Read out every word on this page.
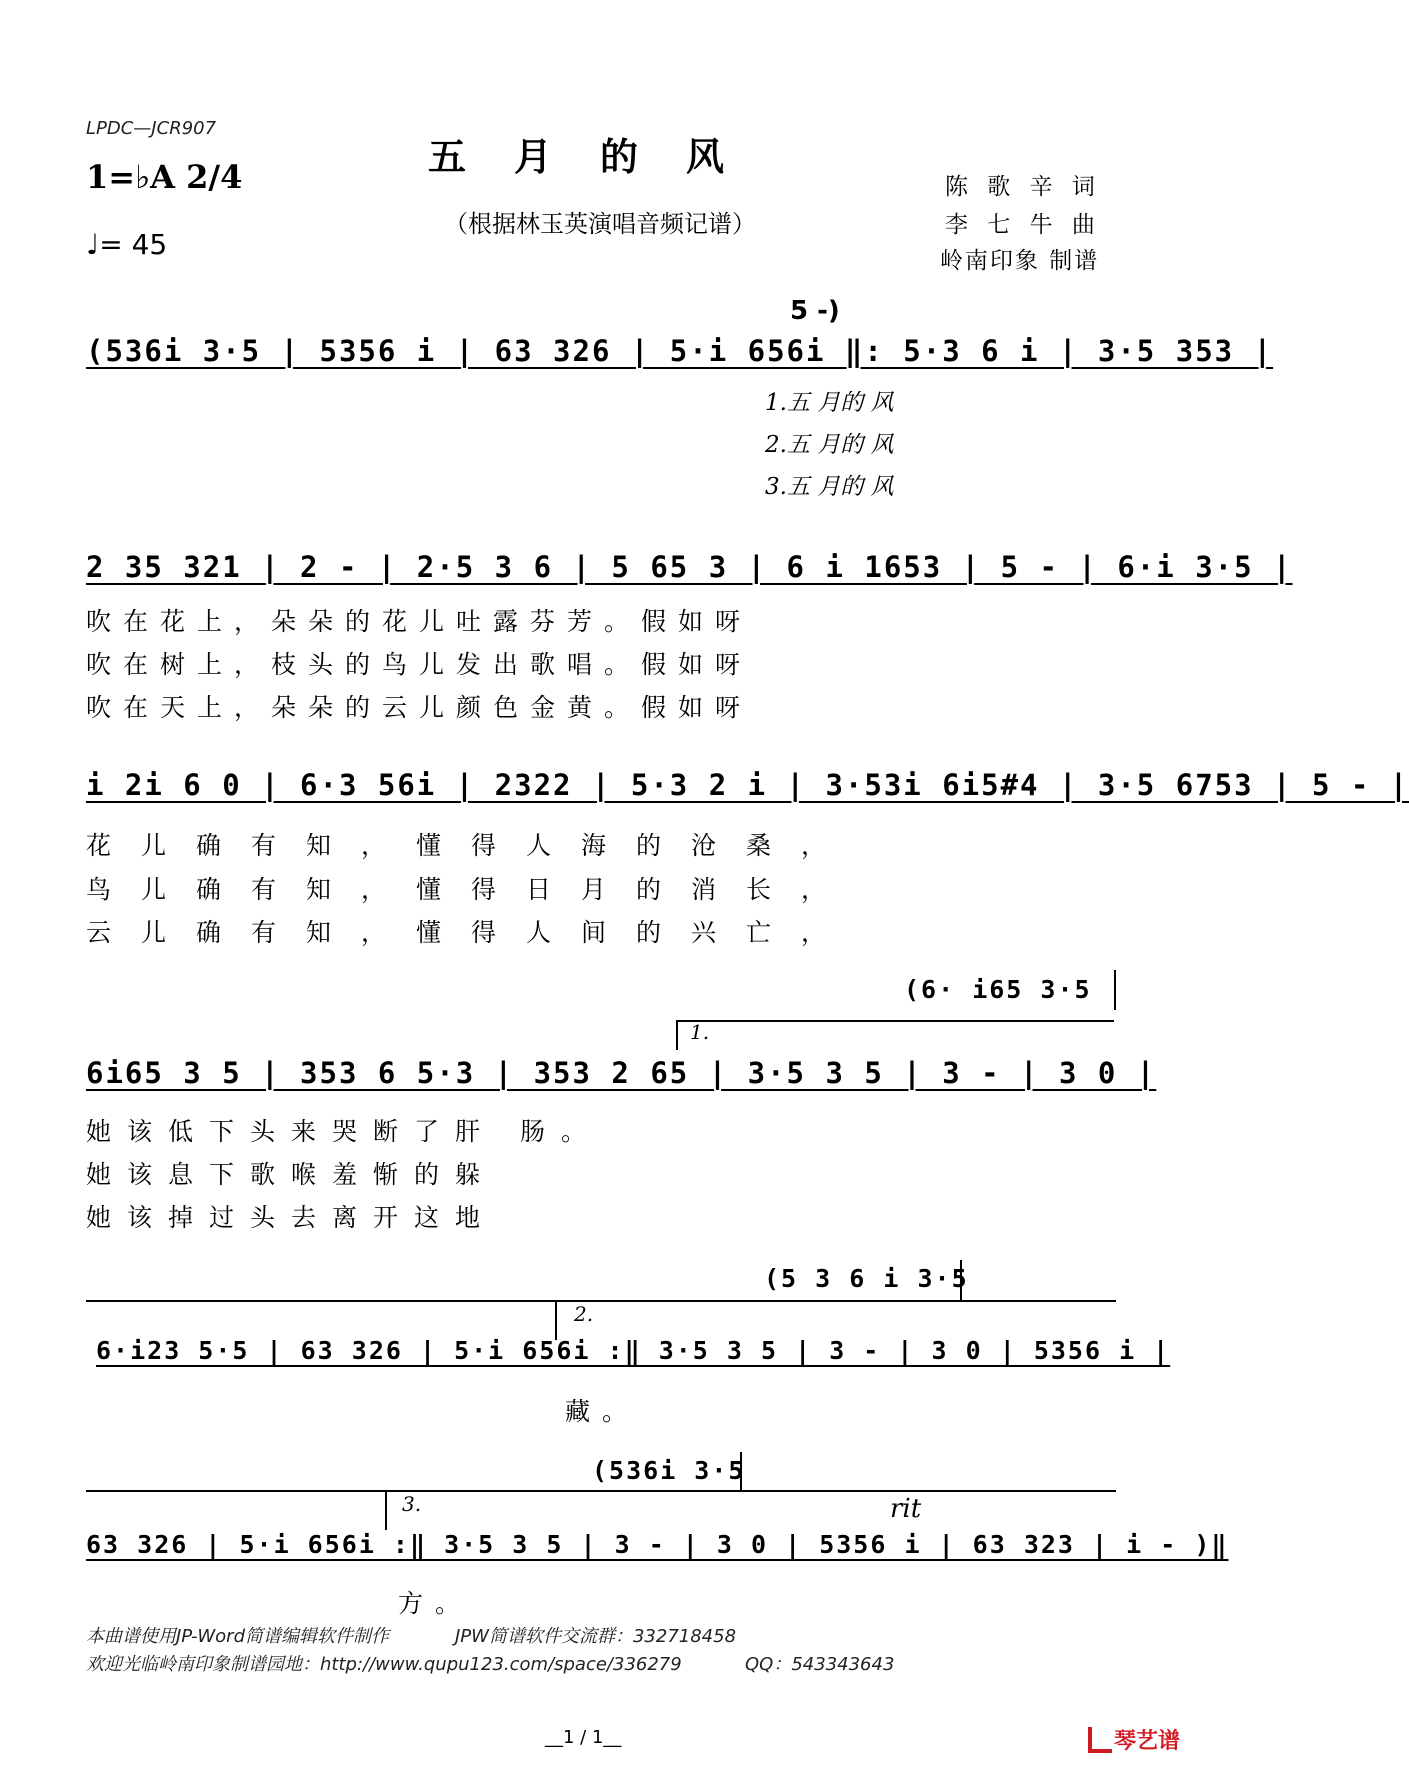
LPDC—JCR907
五月的风
（根据林玉英演唱音频记谱）
1=♭A 2/4
♩= 45
陈 歌 辛 词
李 七 牛 曲
岭南印象 制谱
5 -)
(536i 3·5 | 5356 i | 63 326 | 5·i 656i ‖: 5·3 6 i | 3·5 353 |
1.五 月的 风
2.五 月的 风
3.五 月的 风
2 35 321 | 2 - | 2·5 3 6 | 5 65 3 | 6 i 1653 | 5 - | 6·i 3·5 |
吹在花上，朵朵的花儿吐露芬芳。假如呀
吹在树上，枝头的鸟儿发出歌唱。假如呀
吹在天上，朵朵的云儿颜色金黄。假如呀
i 2i 6 0 | 6·3 56i | 2322 | 5·3 2 i | 3·53i 6i5#4 | 3·5 6753 | 5 - |
花儿确有知，懂得人海的沧桑，
鸟儿确有知，懂得日月的消长，
云儿确有知，懂得人间的兴亡，
(6· i65 3·5
1.
6i65 3 5 | 353 6 5·3 | 353 2 65 | 3·5 3 5 | 3 - | 3 0 |
她该低下头来哭断了肝 肠。
她该息下歌喉羞惭的躲
她该掉过头去离开这地
(5 3 6 i 3·5
2.
6·i23 5·5 | 63 326 | 5·i 656i :‖ 3·5 3 5 | 3 - | 3 0 | 5356 i |
藏。
(536i 3·5
3.	rit
63 326 | 5·i 656i :‖ 3·5 3 5 | 3 - | 3 0 | 5356 i | 63 323 | i - )‖
方。
本曲谱使用JP-Word简谱编辑软件制作	JPW简谱软件交流群：332718458
欢迎光临岭南印象制谱园地：http://www.qupu123.com/space/336279	QQ：543343643
__1 / 1__	琴艺谱
